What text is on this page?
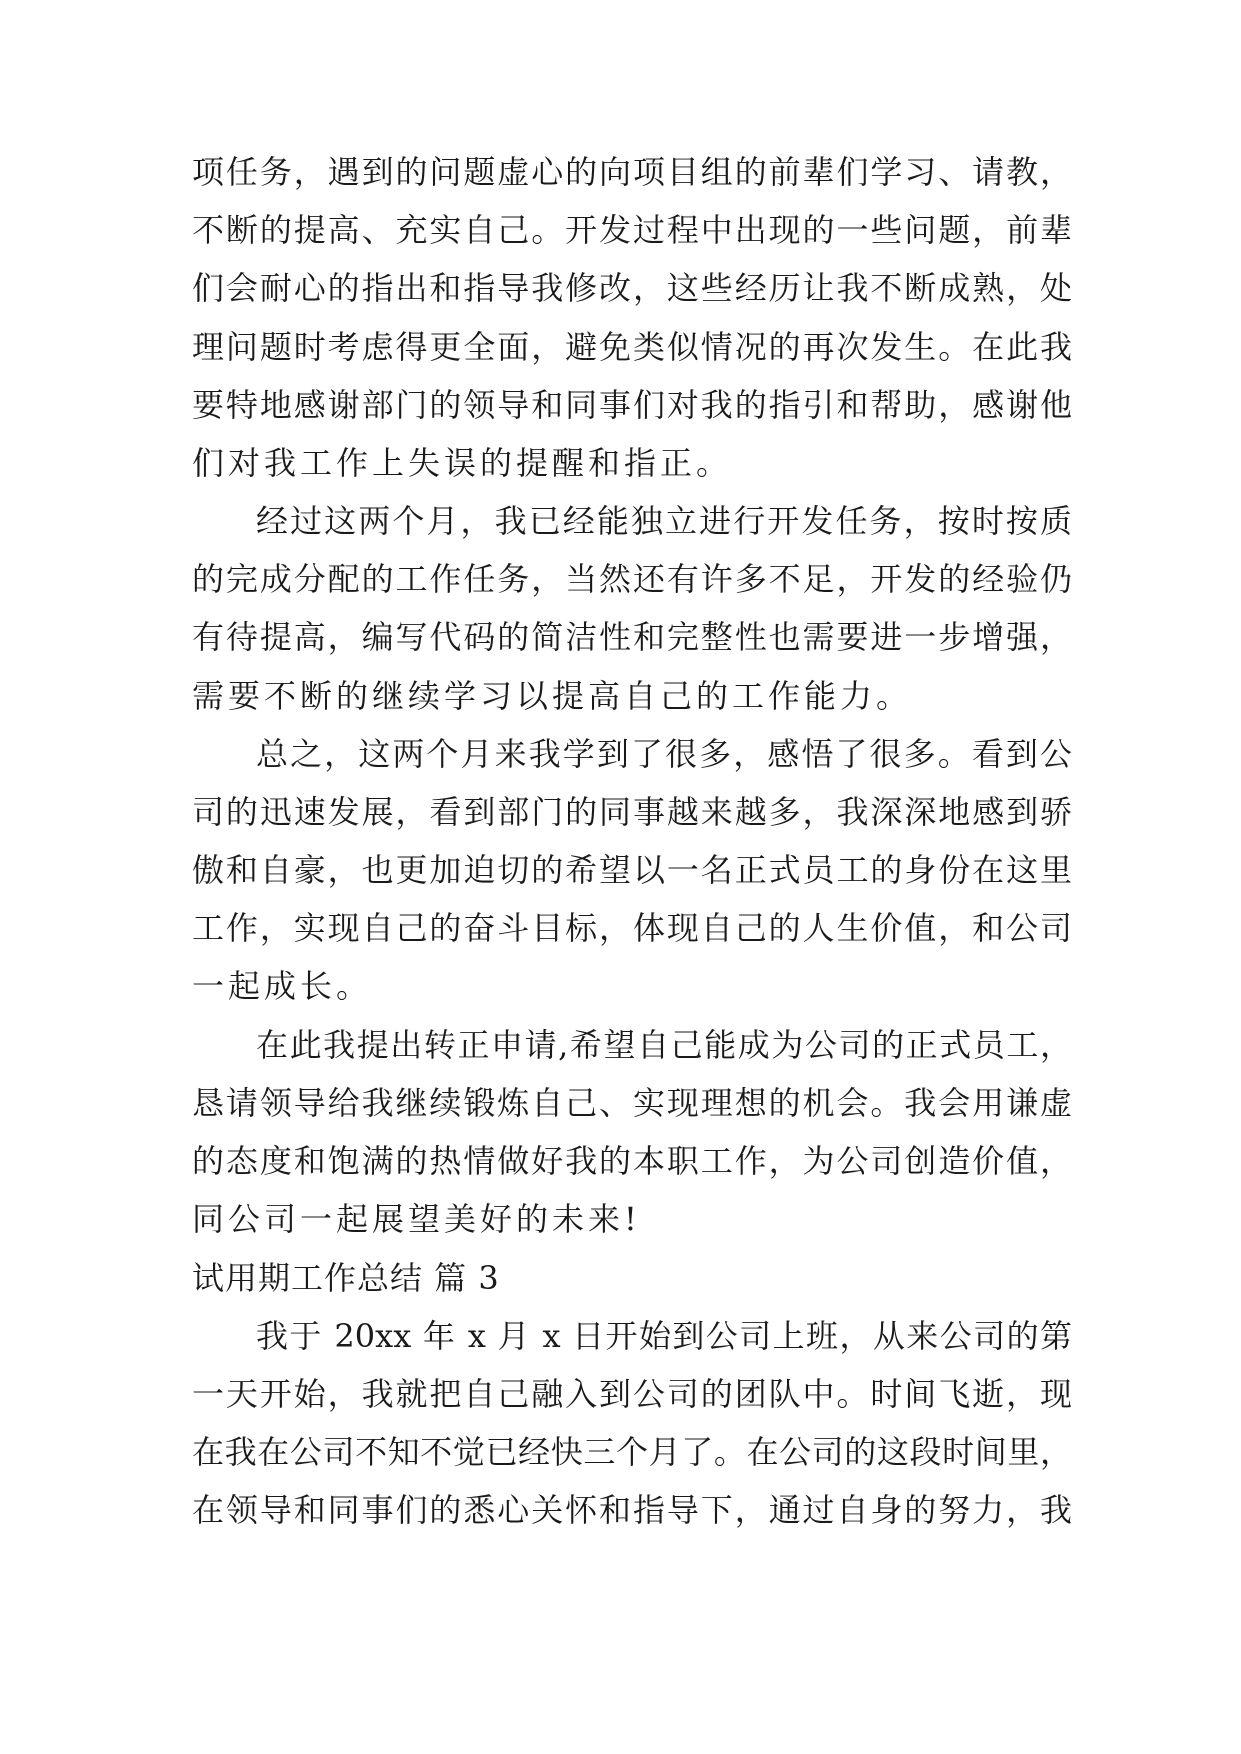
项任务，遇到的问题虚心的向项目组的前辈们学习、请教，
不断的提高、充实自己。开发过程中出现的一些问题，前辈
们会耐心的指出和指导我修改，这些经历让我不断成熟，处
理问题时考虑得更全面，避免类似情况的再次发生。在此我
要特地感谢部门的领导和同事们对我的指引和帮助，感谢他
们对我工作上失误的提醒和指正。
经过这两个月，我已经能独立进行开发任务，按时按质
的完成分配的工作任务，当然还有许多不足，开发的经验仍
有待提高，编写代码的简洁性和完整性也需要进一步增强，
需要不断的继续学习以提高自己的工作能力。
总之，这两个月来我学到了很多，感悟了很多。看到公
司的迅速发展，看到部门的同事越来越多，我深深地感到骄
傲和自豪，也更加迫切的希望以一名正式员工的身份在这里
工作，实现自己的奋斗目标，体现自己的人生价值，和公司
一起成长。
在此我提出转正申请,希望自己能成为公司的正式员工，
恳请领导给我继续锻炼自己、实现理想的机会。我会用谦虚
的态度和饱满的热情做好我的本职工作，为公司创造价值，
同公司一起展望美好的未来!
试用期工作总结 篇 3
我于 20xx 年 x 月 x 日开始到公司上班，从来公司的第
一天开始，我就把自己融入到公司的团队中。时间飞逝，现
在我在公司不知不觉已经快三个月了。在公司的这段时间里，
在领导和同事们的悉心关怀和指导下，通过自身的努力，我
